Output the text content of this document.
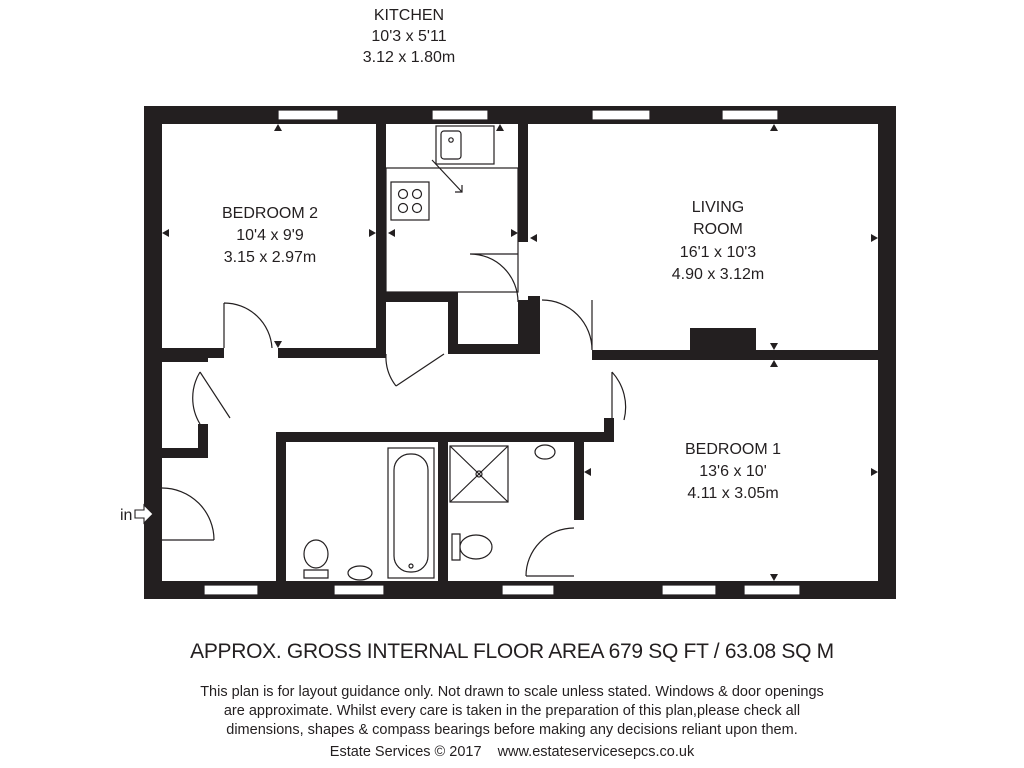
in
KITCHEN
10'3 x 5'11
3.12 x 1.80m
BEDROOM 2
10'4 x 9'9
3.15 x 2.97m
LIVING
ROOM
16'1 x 10'3
4.90 x 3.12m
BEDROOM 1
13'6 x 10'
4.11 x 3.05m
APPROX. GROSS INTERNAL FLOOR AREA 679 SQ FT / 63.08 SQ M
This plan is for layout guidance only. Not drawn to scale unless stated. Windows & door openings
are approximate. Whilst every care is taken in the preparation of this plan,please check all
dimensions, shapes & compass bearings before making any decisions reliant upon them.
Estate Services © 2017 www.estateservicesepcs.co.uk
